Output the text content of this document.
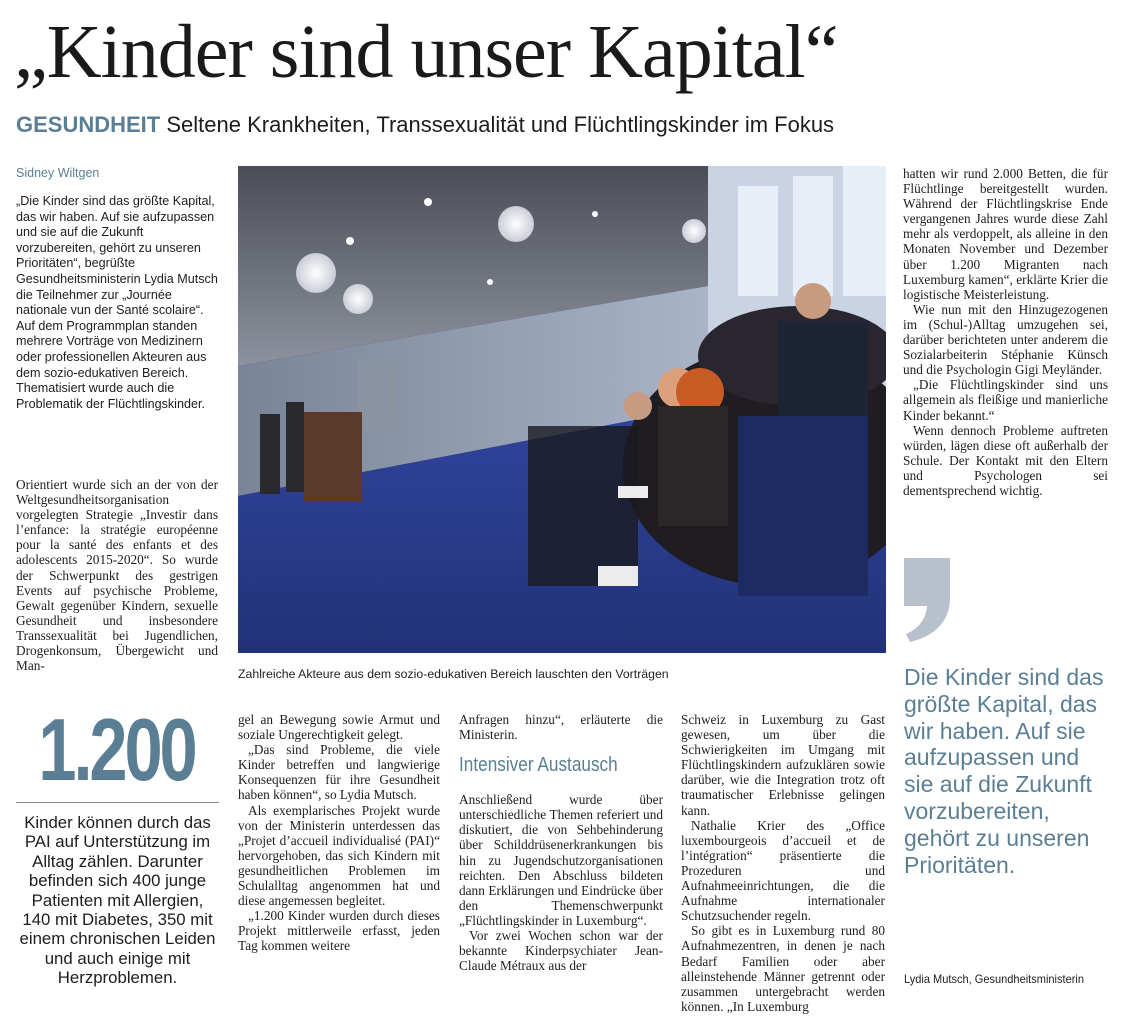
„Kinder sind unser Kapital“
GESUNDHEIT Seltene Krankheiten, Transsexualität und Flüchtlingskinder im Fokus
Sidney Wiltgen

„Die Kinder sind das größte Kapital, das wir haben. Auf sie aufzupassen und sie auf die Zukunft vorzubereiten, gehört zu unseren Prioritäten“, begrüßte Gesundheitsministerin Lydia Mutsch die Teilnehmer zur „Journée nationale vun der Santé scolaire“.

Auf dem Programmplan standen mehrere Vorträge von Medizinern oder professionellen Akteuren aus dem sozio-edukativen Bereich. Thematisiert wurde auch die Problematik der Flüchtlingskinder.

Orientiert wurde sich an der von der Weltgesundheitsorganisation vorgelegten Strategie „Investir dans l’enfance: la stratégie européenne pour la santé des enfants et des adolescents 2015-2020“. So wurde der Schwerpunkt des gestrigen Events auf psychische Probleme, Gewalt gegenüber Kindern, sexuelle Gesundheit und insbesondere Transsexualität bei Jugendlichen, Drogenkonsum, Übergewicht und Man-

Zahlreiche Akteure aus dem sozio-edukativen Bereich lauschten den Vorträgen
1.200
Kinder können durch das PAI auf Unterstützung im Alltag zählen. Darunter befinden sich 400 junge Patienten mit Allergien, 140 mit Diabetes, 350 mit einem chronischen Leiden und auch einige mit Herzproblemen.

gel an Bewegung sowie Armut und soziale Ungerechtigkeit gelegt.

„Das sind Probleme, die viele Kinder betreffen und langwierige Konsequenzen für ihre Gesundheit haben können“, so Lydia Mutsch.

Als exemplarisches Projekt wurde von der Ministerin unterdessen das „Projet d’accueil individualisé (PAI)“ hervorgehoben, das sich Kindern mit gesundheitlichen Problemen im Schulalltag angenommen hat und diese angemessen begleitet.

„1.200 Kinder wurden durch dieses Projekt mittlerweile erfasst, jeden Tag kommen weitere

Anfragen hinzu“, erläuterte die Ministerin.

Intensiver Austausch

Anschließend wurde über unterschiedliche Themen referiert und diskutiert, die von Sehbehinderung über Schilddrüsenerkrankungen bis hin zu Jugendschutzorganisationen reichten. Den Abschluss bildeten dann Erklärungen und Eindrücke über den Themenschwerpunkt „Flüchtlingskinder in Luxemburg“.

Vor zwei Wochen schon war der bekannte Kinderpsychiater Jean-Claude Métraux aus der

Schweiz in Luxemburg zu Gast gewesen, um über die Schwierigkeiten im Umgang mit Flüchtlingskindern aufzuklären sowie darüber, wie die Integration trotz oft traumatischer Erlebnisse gelingen kann.

Nathalie Krier des „Office luxembourgeois d’accueil et de l’intégration“ präsentierte die Prozeduren und Aufnahmeeinrichtungen, die die Aufnahme internationaler Schutzsuchender regeln.

So gibt es in Luxemburg rund 80 Aufnahmezentren, in denen je nach Bedarf Familien oder aber alleinstehende Männer getrennt oder zusammen untergebracht werden können. „In Luxemburg

hatten wir rund 2.000 Betten, die für Flüchtlinge bereitgestellt wurden. Während der Flüchtlingskrise Ende vergangenen Jahres wurde diese Zahl mehr als verdoppelt, als alleine in den Monaten November und Dezember über 1.200 Migranten nach Luxemburg kamen“, erklärte Krier die logistische Meisterleistung.

Wie nun mit den Hinzugezogenen im (Schul-)Alltag umzugehen sei, darüber berichteten unter anderem die Sozialarbeiterin Stéphanie Künsch und die Psychologin Gigi Meyländer.

„Die Flüchtlingskinder sind uns allgemein als fleißige und manierliche Kinder bekannt.“

Wenn dennoch Probleme auftreten würden, lägen diese oft außerhalb der Schule. Der Kontakt mit den Eltern und Psychologen sei dementsprechend wichtig.

Die Kinder sind das größte Kapital, das wir haben. Auf sie aufzupassen und sie auf die Zukunft vorzubereiten, gehört zu unseren Prioritäten.
Lydia Mutsch, Gesundheitsministerin
